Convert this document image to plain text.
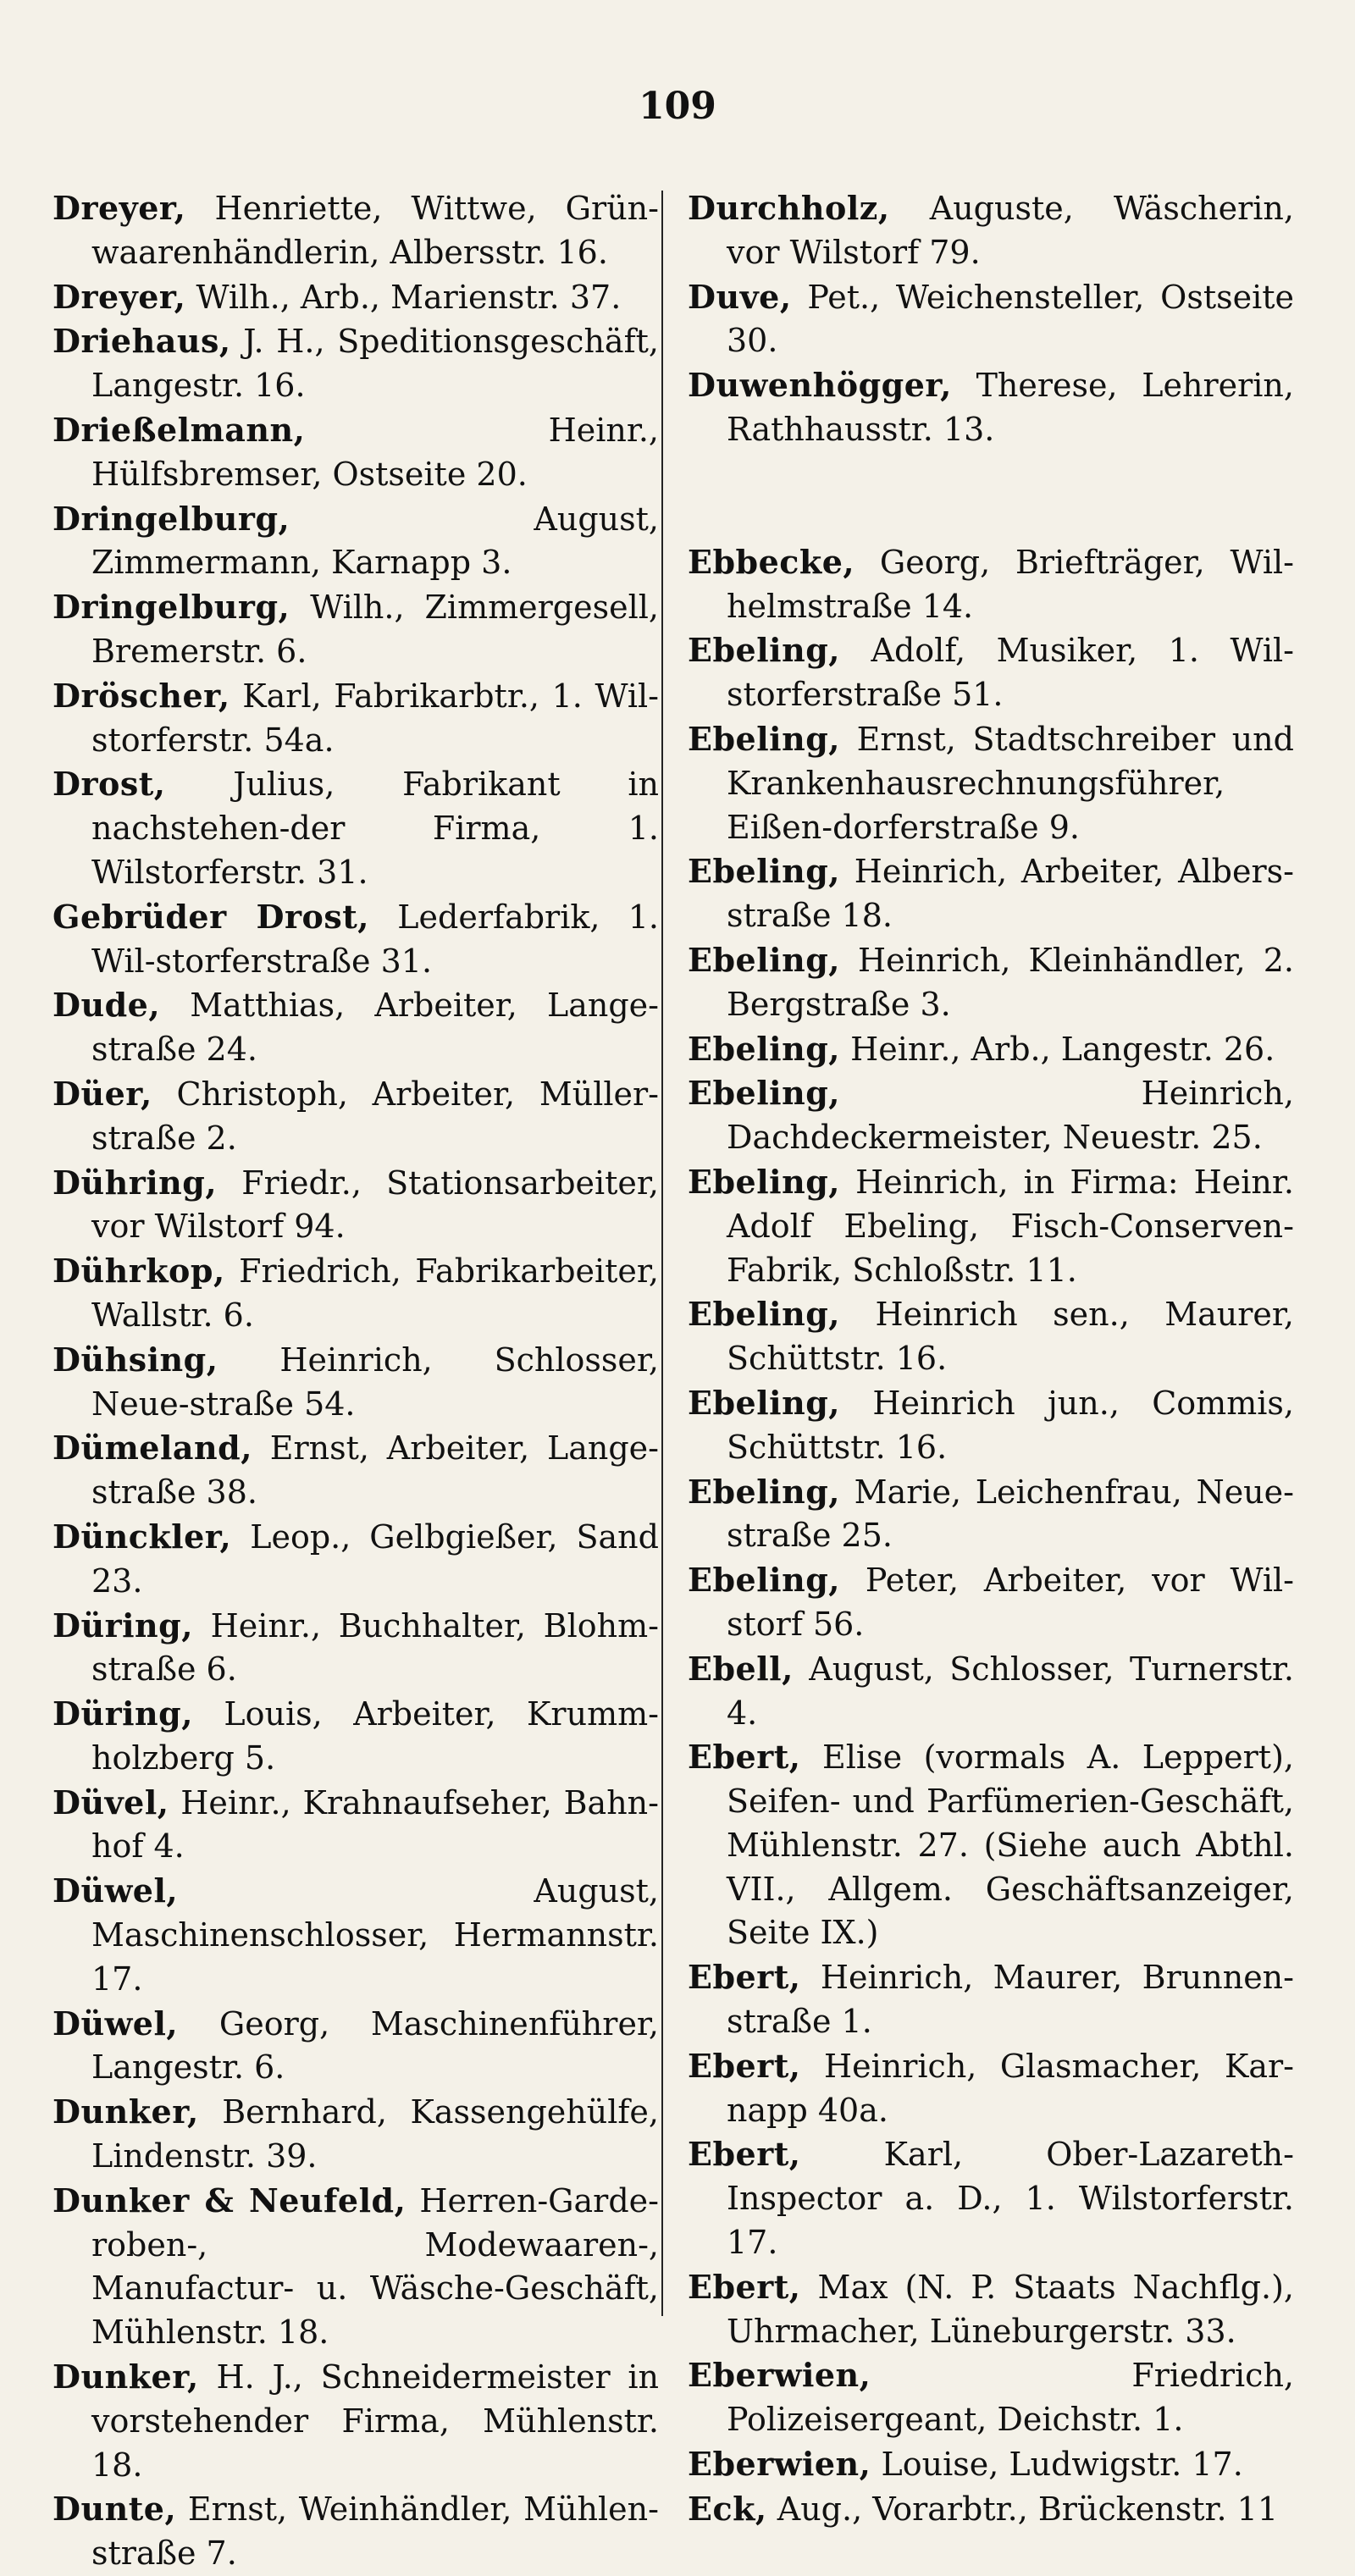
109

Dreyer, Henriette, Wittwe, Grün-waarenhändlerin, Albersstr. 16.

Dreyer, Wilh., Arb., Marienstr. 37.

Driehaus, J. H., Speditionsgeschäft, Langestr. 16.

Drießelmann,	Heinr., Hülfsbremser, Ostseite 20.

Dringelburg,	August, Zimmermann, Karnapp 3.

Dringelburg, Wilh., Zimmergesell, Bremerstr. 6.

Dröscher, Karl, Fabrikarbtr., 1. Wil-storferstr. 54a.

Drost, Julius, Fabrikant in nachstehen-der Firma, 1. Wilstorferstr. 31.

Gebrüder Drost, Lederfabrik, 1. Wil-storferstraße 31.

Dude, Matthias, Arbeiter, Lange-straße 24.

Düer, Christoph, Arbeiter, Müller-straße 2.

Dühring, Friedr., Stationsarbeiter, vor Wilstorf 94.

Dührkop, Friedrich, Fabrikarbeiter, Wallstr. 6.

Dühsing, Heinrich, Schlosser, Neue-straße 54.

Dümeland, Ernst, Arbeiter, Lange-straße 38.

Dünckler, Leop., Gelbgießer, Sand 23.

Düring, Heinr., Buchhalter, Blohm-straße 6.

Düring, Louis, Arbeiter, Krumm-holzberg 5.

Düvel, Heinr., Krahnaufseher, Bahn-hof 4.

Düwel,	August, Maschinenschlosser, Hermannstr. 17.

Düwel, Georg, Maschinenführer, Langestr. 6.

Dunker, Bernhard, Kassengehülfe, Lindenstr. 39.

Dunker & Neufeld, Herren-Garde-roben-, Modewaaren-, Manufactur- u. Wäsche-Geschäft, Mühlenstr. 18.

Dunker, H. J., Schneidermeister in vorstehender Firma, Mühlenstr. 18.

Dunte, Ernst, Weinhändler, Mühlen-straße 7.

Durchholz, Auguste, Wäscherin, vor Wilstorf 79.

Duve, Pet., Weichensteller, Ostseite 30.

Duwenhögger, Therese, Lehrerin, Rathhausstr. 13.

Ebbecke, Georg, Briefträger, Wil-helmstraße 14.

Ebeling, Adolf, Musiker, 1. Wil-storferstraße 51.

Ebeling, Ernst, Stadtschreiber und Krankenhausrechnungsführer, Eißen-dorferstraße 9.

Ebeling, Heinrich, Arbeiter, Albers-straße 18.

Ebeling, Heinrich, Kleinhändler, 2. Bergstraße 3.

Ebeling, Heinr., Arb., Langestr. 26.

Ebeling,	Heinrich, Dachdeckermeister, Neuestr. 25.

Ebeling, Heinrich, in Firma: Heinr. Adolf Ebeling, Fisch-Conserven-Fabrik, Schloßstr. 11.

Ebeling, Heinrich sen., Maurer, Schüttstr. 16.

Ebeling, Heinrich jun., Commis, Schüttstr. 16.

Ebeling, Marie, Leichenfrau, Neue-straße 25.

Ebeling, Peter, Arbeiter, vor Wil-storf 56.

Ebell, August, Schlosser, Turnerstr. 4.

Ebert, Elise (vormals A. Leppert), Seifen- und Parfümerien-Geschäft, Mühlenstr. 27. (Siehe auch Abthl. VII., Allgem. Geschäftsanzeiger, Seite IX.)

Ebert, Heinrich, Maurer, Brunnen-straße 1.

Ebert, Heinrich, Glasmacher, Kar-napp 40a.

Ebert,	Karl, Ober-Lazareth-Inspector a. D., 1. Wilstorferstr. 17.

Ebert, Max (N. P. Staats Nachflg.), Uhrmacher, Lüneburgerstr. 33.

Eberwien,	Friedrich, Polizeisergeant, Deichstr. 1.

Eberwien, Louise, Ludwigstr. 17.

Eck, Aug., Vorarbtr., Brückenstr. 11
